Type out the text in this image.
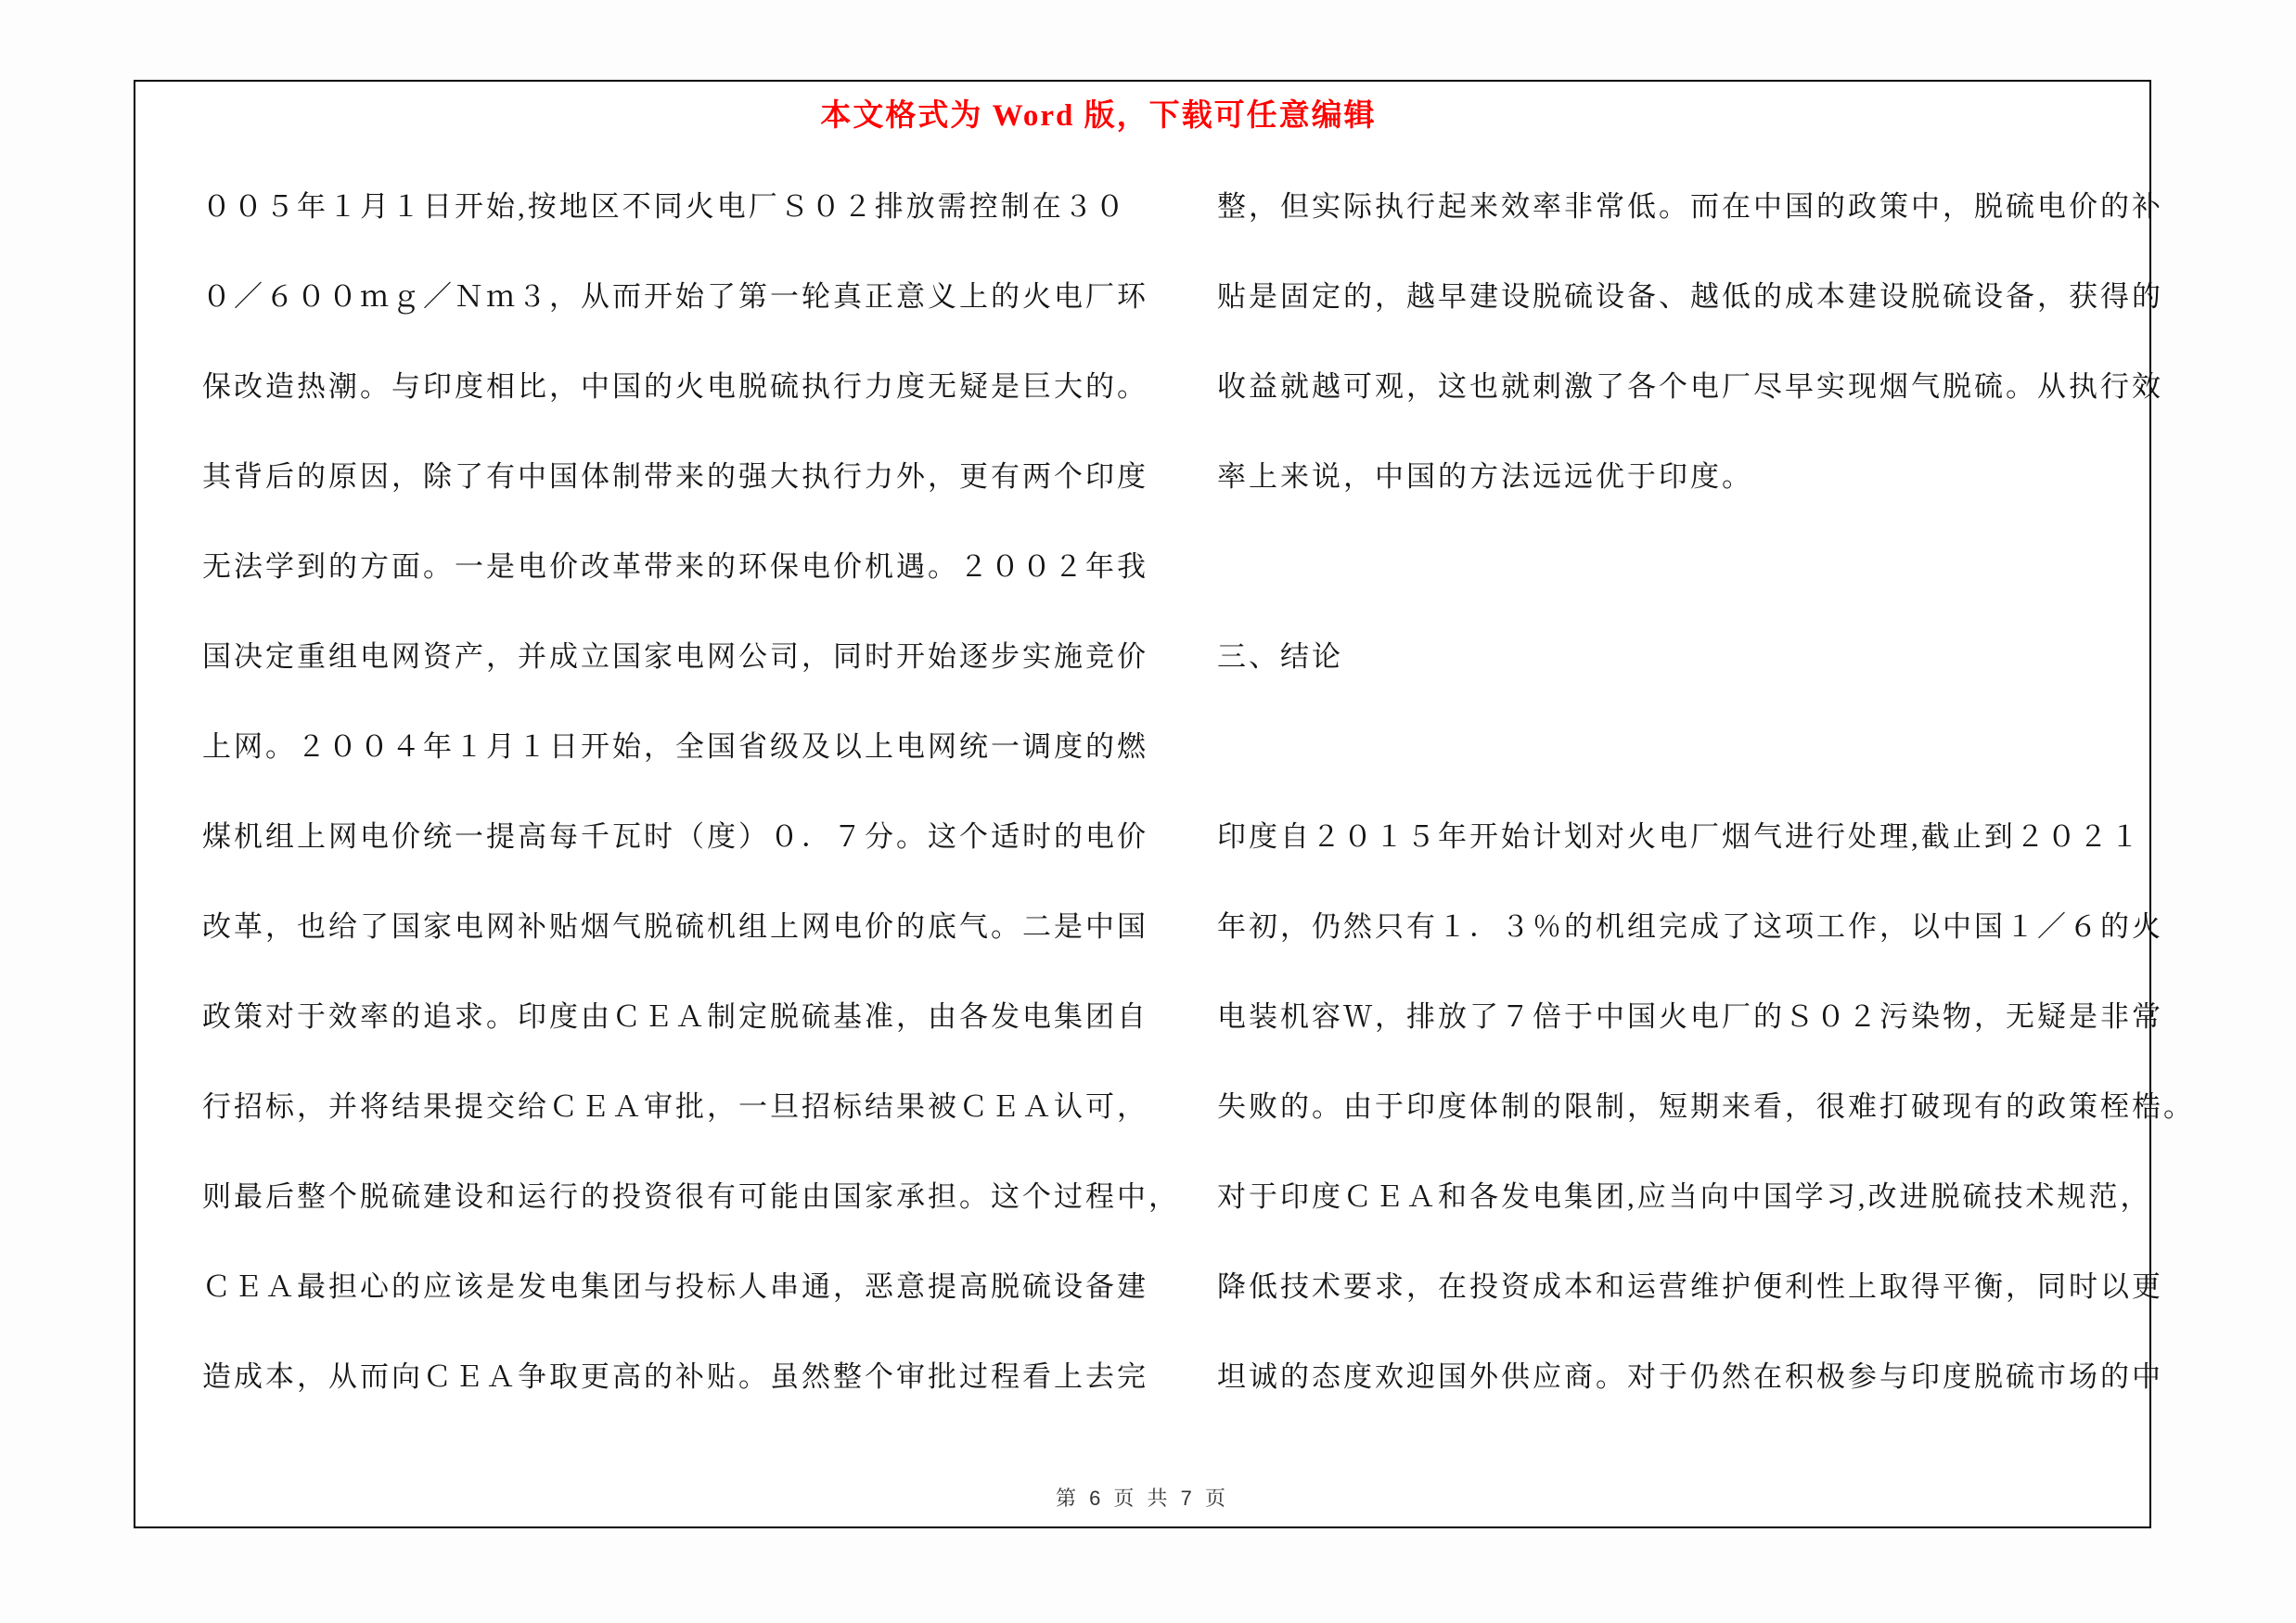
本文格式为 Word 版，下载可任意编辑
００５年１月１日开始,按地区不同火电厂Ｓ０２排放需控制在３０
０／６００ｍｇ／Ｎｍ３，从而开始了第一轮真正意义上的火电厂环
保改造热潮。与印度相比，中国的火电脱硫执行力度无疑是巨大的。
其背后的原因，除了有中国体制带来的强大执行力外，更有两个印度
无法学到的方面。一是电价改革带来的环保电价机遇。２００２年我
国决定重组电网资产，并成立国家电网公司，同时开始逐步实施竞价
上网。２００４年１月１日开始，全国省级及以上电网统一调度的燃
煤机组上网电价统一提高每千瓦时（度）０．７分。这个适时的电价
改革，也给了国家电网补贴烟气脱硫机组上网电价的底气。二是中国
政策对于效率的追求。印度由ＣＥＡ制定脱硫基准，由各发电集团自
行招标，并将结果提交给ＣＥＡ审批，一旦招标结果被ＣＥＡ认可，
则最后整个脱硫建设和运行的投资很有可能由国家承担。这个过程中，
ＣＥＡ最担心的应该是发电集团与投标人串通，恶意提高脱硫设备建
造成本，从而向ＣＥＡ争取更高的补贴。虽然整个审批过程看上去完
整，但实际执行起来效率非常低。而在中国的政策中，脱硫电价的补
贴是固定的，越早建设脱硫设备、越低的成本建设脱硫设备，获得的
收益就越可观，这也就刺激了各个电厂尽早实现烟气脱硫。从执行效
率上来说，中国的方法远远优于印度。
三、结论
印度自２０１５年开始计划对火电厂烟气进行处理,截止到２０２１
年初，仍然只有１．３％的机组完成了这项工作，以中国１／６的火
电装机容Ｗ，排放了７倍于中国火电厂的Ｓ０２污染物，无疑是非常
失败的。由于印度体制的限制，短期来看，很难打破现有的政策桎梏。
对于印度ＣＥＡ和各发电集团,应当向中国学习,改进脱硫技术规范，
降低技术要求，在投资成本和运营维护便利性上取得平衡，同时以更
坦诚的态度欢迎国外供应商。对于仍然在积极参与印度脱硫市场的中
第 6 页 共 7 页
